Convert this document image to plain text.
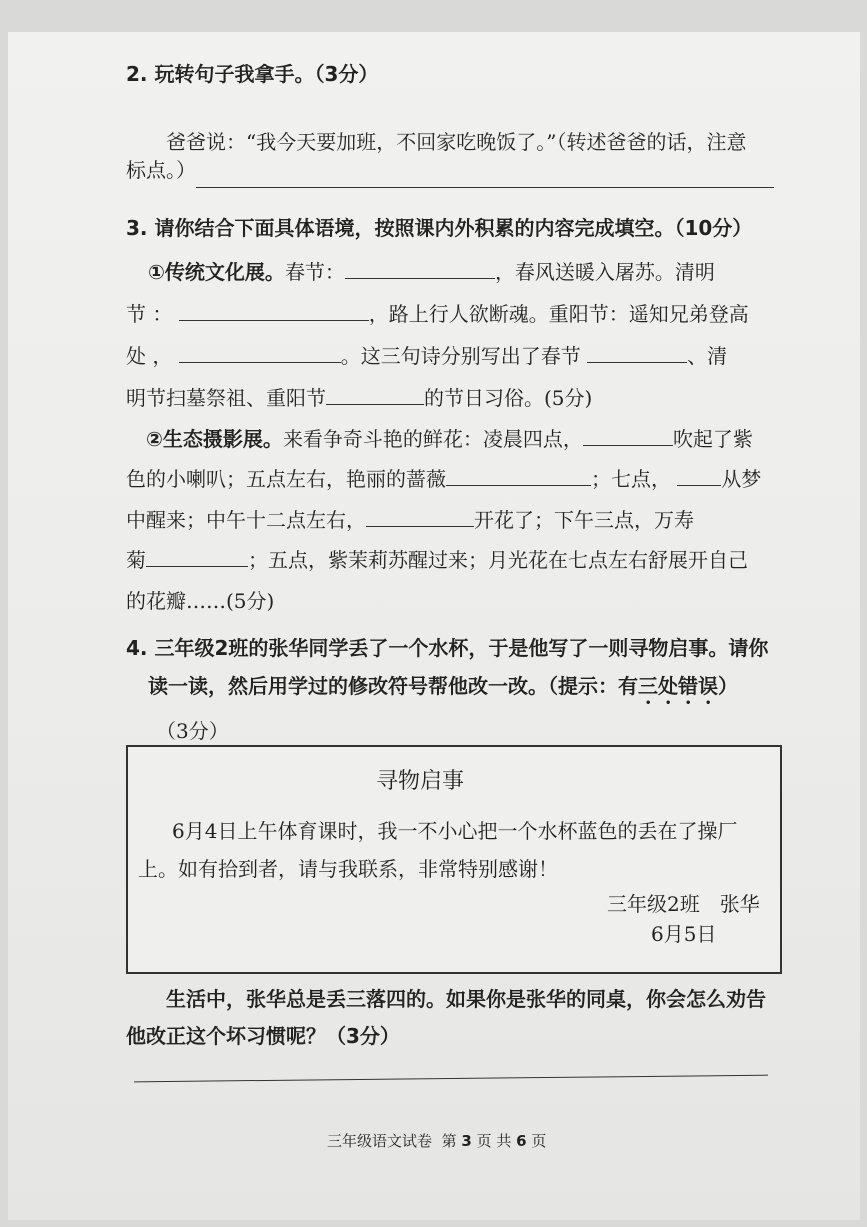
2. 玩转句子我拿手。（3分）
爸爸说：“我今天要加班，不回家吃晚饭了。”（转述爸爸的话，注意
标点。）
3. 请你结合下面具体语境，按照课内外积累的内容完成填空。（10分）
①传统文化展。春节：	，春风送暖入屠苏。清明
节 ：	，路上行人欲断魂。重阳节：遥知兄弟登高
处 ，	。这三句诗分别写出了春节	、清
明节扫墓祭祖、重阳节	的节日习俗。(5分)
②生态摄影展。来看争奇斗艳的鲜花：凌晨四点，	吹起了紫
色的小喇叭；五点左右，艳丽的蔷薇	；七点，	从梦
中醒来；中午十二点左右，	开花了；下午三点，万寿
菊	；五点，紫茉莉苏醒过来；月光花在七点左右舒展开自己
的花瓣……(5分)
4. 三年级2班的张华同学丢了一个水杯，于是他写了一则寻物启事。请你
读一读，然后用学过的修改符号帮他改一改。（提示：有三处错误）
（3分）
寻物启事
6月4日上午体育课时，我一不小心把一个水杯蓝色的丢在了操厂
上。如有拾到者，请与我联系，非常特别感谢！
三年级2班　张华
6月5日
生活中，张华总是丢三落四的。如果你是张华的同桌，你会怎么劝告
他改正这个坏习惯呢？（3分）
三年级语文试卷 第 3 页 共 6 页
